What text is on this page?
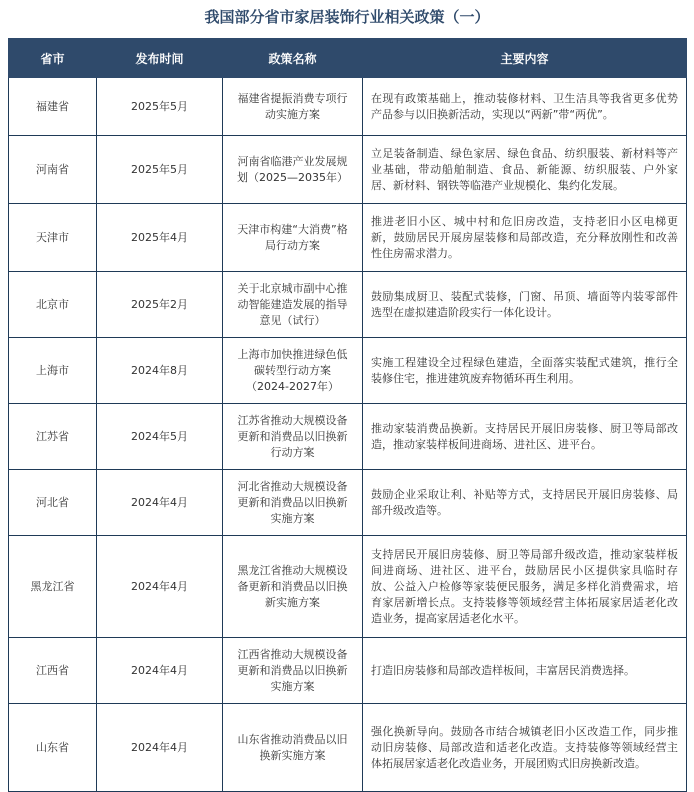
我国部分省市家居装饰行业相关政策（一）
省市	发布时间	政策名称	主要内容
福建省	2025年5月	福建省提振消费专项行动实施方案	在现有政策基础上，推动装修材料、卫生洁具等我省更多优势产品参与以旧换新活动，实现以“两新”带“两优”。
河南省	2025年5月	河南省临港产业发展规划（2025—2035年）	立足装备制造、绿色家居、绿色食品、纺织服装、新材料等产业基础，带动船舶制造、食品、新能源、纺织服装、户外家居、新材料、钢铁等临港产业规模化、集约化发展。
天津市	2025年4月	天津市构建“大消费”格局行动方案	推进老旧小区、城中村和危旧房改造，支持老旧小区电梯更新，鼓励居民开展房屋装修和局部改造，充分释放刚性和改善性住房需求潜力。
北京市	2025年2月	关于北京城市副中心推动智能建造发展的指导意见（试行）	鼓励集成厨卫、装配式装修，门窗、吊顶、墙面等内装零部件选型在虚拟建造阶段实行一体化设计。
上海市	2024年8月	上海市加快推进绿色低碳转型行动方案（2024-2027年）	实施工程建设全过程绿色建造，全面落实装配式建筑，推行全装修住宅，推进建筑废弃物循环再生利用。
江苏省	2024年5月	江苏省推动大规模设备更新和消费品以旧换新行动方案	推动家装消费品换新。支持居民开展旧房装修、厨卫等局部改造，推动家装样板间进商场、进社区、进平台。
河北省	2024年4月	河北省推动大规模设备更新和消费品以旧换新实施方案	鼓励企业采取让利、补贴等方式，支持居民开展旧房装修、局部升级改造等。
黑龙江省	2024年4月	黑龙江省推动大规模设备更新和消费品以旧换新实施方案	支持居民开展旧房装修、厨卫等局部升级改造，推动家装样板间进商场、进社区、进平台，鼓励居民小区提供家具临时存放、公益入户检修等家装便民服务，满足多样化消费需求，培育家居新增长点。支持装修等领域经营主体拓展家居适老化改造业务，提高家居适老化水平。
江西省	2024年4月	江西省推动大规模设备更新和消费品以旧换新实施方案	打造旧房装修和局部改造样板间，丰富居民消费选择。
山东省	2024年4月	山东省推动消费品以旧换新实施方案	强化换新导向。鼓励各市结合城镇老旧小区改造工作，同步推动旧房装修、局部改造和适老化改造。支持装修等领域经营主体拓展居家适老化改造业务，开展团购式旧房换新改造。
